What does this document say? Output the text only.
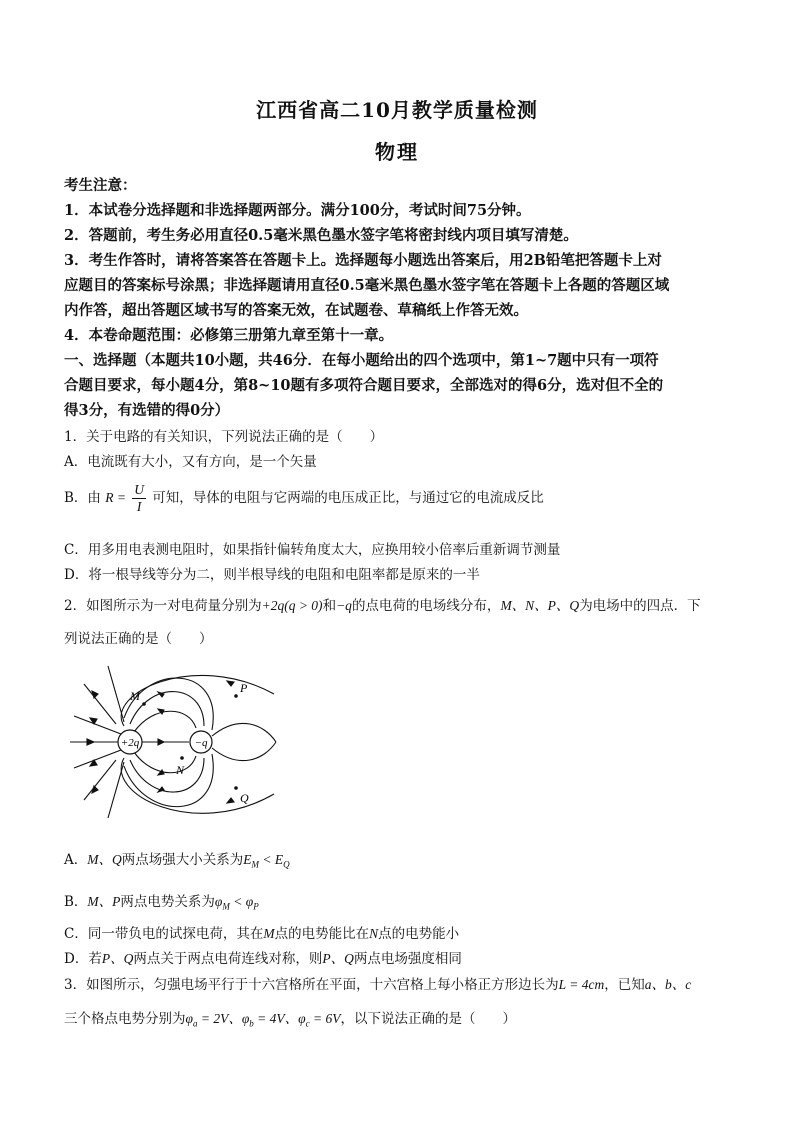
江西省高二10月教学质量检测
物理
考生注意：
1．本试卷分选择题和非选择题两部分。满分100分，考试时间75分钟。
2．答题前，考生务必用直径0.5毫米黑色墨水签字笔将密封线内项目填写清楚。
3．考生作答时，请将答案答在答题卡上。选择题每小题选出答案后，用2B铅笔把答题卡上对
应题目的答案标号涂黑；非选择题请用直径0.5毫米黑色墨水签字笔在答题卡上各题的答题区域
内作答，超出答题区域书写的答案无效，在试题卷、草稿纸上作答无效。
4．本卷命题范围：必修第三册第九章至第十一章。
一、选择题（本题共10小题，共46分．在每小题给出的四个选项中，第1~7题中只有一项符
合题目要求，每小题4分，第8~10题有多项符合题目要求，全部选对的得6分，选对但不全的
得3分，有选错的得0分）
1．关于电路的有关知识，下列说法正确的是（　　）
A．电流既有大小，又有方向，是一个矢量
B．由 $R = \frac{U}{I}$ 可知，导体的电阻与它两端的电压成正比，与通过它的电流成反比
C．用多用电表测电阻时，如果指针偏转角度太大，应换用较小倍率后重新调节测量
D．将一根导线等分为二，则半根导线的电阻和电阻率都是原来的一半
2．如图所示为一对电荷量分别为+2q(q > 0)和−q的点电荷的电场线分布，M、N、P、Q为电场中的四点．下
列说法正确的是（　　）
+2q	−q
M
N
P
Q
A．M、Q两点场强大小关系为$E_M < E_Q$
B．M、P两点电势关系为$\varphi_M < \varphi_P$
C．同一带负电的试探电荷，其在M点的电势能比在N点的电势能小
D．若P、Q两点关于两点电荷连线对称，则P、Q两点电场强度相同
3．如图所示，匀强电场平行于十六宫格所在平面，十六宫格上每小格正方形边长为L = 4cm，已知a、b、c
三个格点电势分别为$\varphi_a = 2V$、$\varphi_b = 4V$、$\varphi_c = 6V$，以下说法正确的是（　　）
